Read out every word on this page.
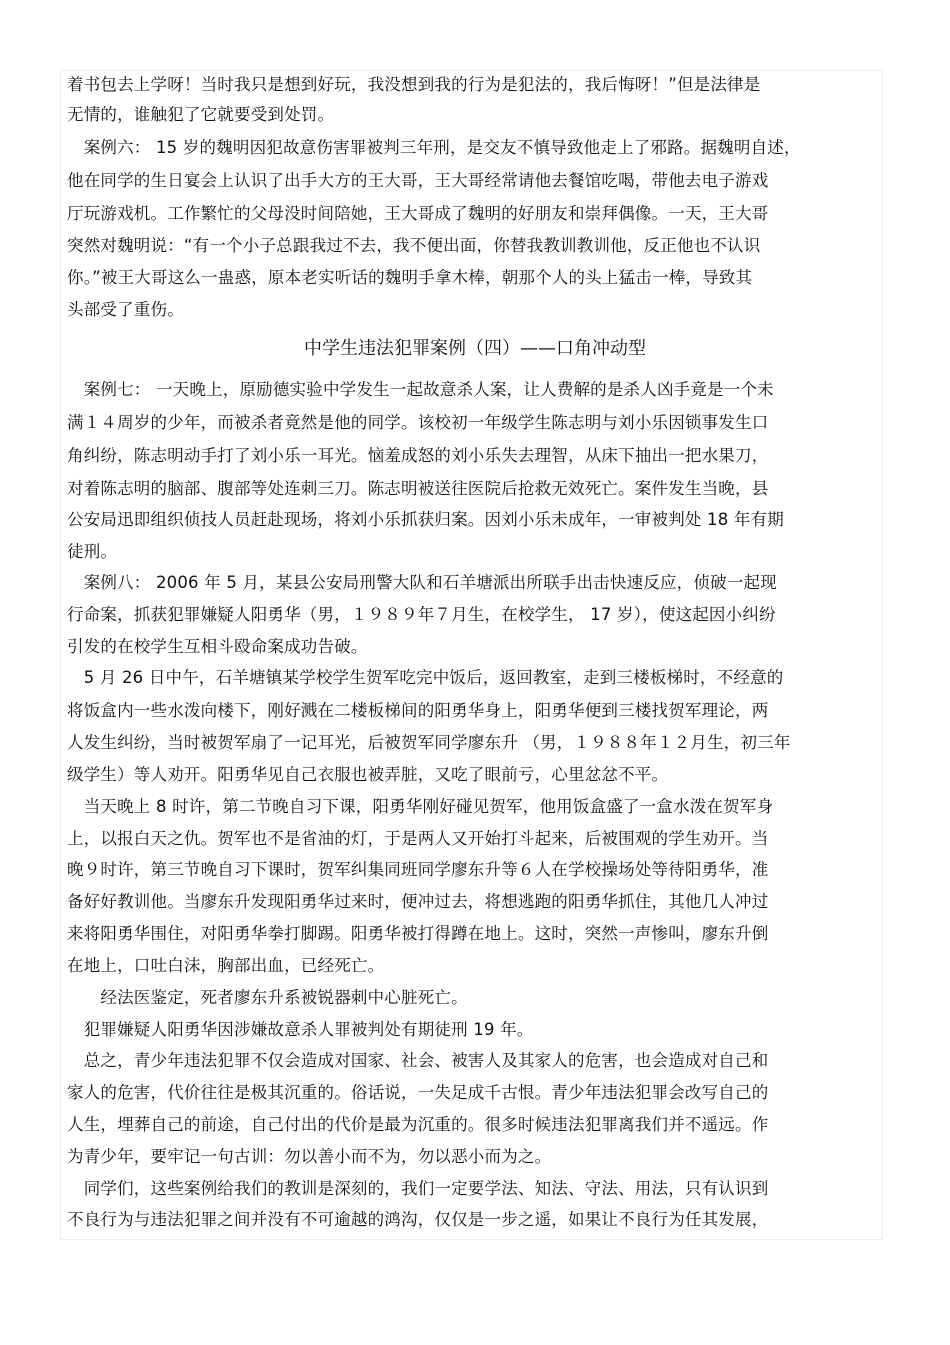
着书包去上学呀！当时我只是想到好玩，我没想到我的行为是犯法的，我后悔呀！”但是法律是
无情的，谁触犯了它就要受到处罚。
　案例六： 15 岁的魏明因犯故意伤害罪被判三年刑，是交友不慎导致他走上了邪路。据魏明自述，
他在同学的生日宴会上认识了出手大方的王大哥，王大哥经常请他去餐馆吃喝，带他去电子游戏
厅玩游戏机。工作繁忙的父母没时间陪她，王大哥成了魏明的好朋友和崇拜偶像。一天，王大哥
突然对魏明说：“有一个小子总跟我过不去，我不便出面，你替我教训教训他，反正他也不认识
你。”被王大哥这么一蛊惑，原本老实听话的魏明手拿木棒，朝那个人的头上猛击一棒，导致其
头部受了重伤。
中学生违法犯罪案例（四）——口角冲动型
　案例七： 一天晚上，原励德实验中学发生一起故意杀人案，让人费解的是杀人凶手竟是一个未
满１４周岁的少年，而被杀者竟然是他的同学。该校初一年级学生陈志明与刘小乐因锁事发生口
角纠纷，陈志明动手打了刘小乐一耳光。恼羞成怒的刘小乐失去理智，从床下抽出一把水果刀，
对着陈志明的脑部、腹部等处连刺三刀。陈志明被送往医院后抢救无效死亡。案件发生当晚，县
公安局迅即组织侦技人员赶赴现场，将刘小乐抓获归案。因刘小乐未成年，一审被判处 18 年有期
徒刑。
　案例八： 2006 年 5 月，某县公安局刑警大队和石羊塘派出所联手出击快速反应，侦破一起现
行命案，抓获犯罪嫌疑人阳勇华（男，１９８９年７月生，在校学生， 17 岁），使这起因小纠纷
引发的在校学生互相斗殴命案成功告破。
　5 月 26 日中午，石羊塘镇某学校学生贺军吃完中饭后，返回教室，走到三楼板梯时，不经意的
将饭盒内一些水泼向楼下，刚好溅在二楼板梯间的阳勇华身上，阳勇华便到三楼找贺军理论，两
人发生纠纷，当时被贺军扇了一记耳光，后被贺军同学廖东升 （男，１９８８年１２月生，初三年
级学生）等人劝开。阳勇华见自己衣服也被弄脏，又吃了眼前亏，心里忿忿不平。
　当天晚上 8 时许，第二节晚自习下课，阳勇华刚好碰见贺军，他用饭盒盛了一盒水泼在贺军身
上，以报白天之仇。贺军也不是省油的灯，于是两人又开始打斗起来，后被围观的学生劝开。当
晚９时许，第三节晚自习下课时，贺军纠集同班同学廖东升等６人在学校操场处等待阳勇华，准
备好好教训他。当廖东升发现阳勇华过来时，便冲过去，将想逃跑的阳勇华抓住，其他几人冲过
来将阳勇华围住，对阳勇华拳打脚踢。阳勇华被打得蹲在地上。这时，突然一声惨叫，廖东升倒
在地上，口吐白沫，胸部出血，已经死亡。
　　经法医鉴定，死者廖东升系被锐器刺中心脏死亡。
　犯罪嫌疑人阳勇华因涉嫌故意杀人罪被判处有期徒刑 19 年。
　总之，青少年违法犯罪不仅会造成对国家、社会、被害人及其家人的危害，也会造成对自己和
家人的危害，代价往往是极其沉重的。俗话说，一失足成千古恨。青少年违法犯罪会改写自己的
人生，埋葬自己的前途，自己付出的代价是最为沉重的。很多时候违法犯罪离我们并不遥远。作
为青少年，要牢记一句古训：勿以善小而不为，勿以恶小而为之。
　同学们，这些案例给我们的教训是深刻的，我们一定要学法、知法、守法、用法，只有认识到
不良行为与违法犯罪之间并没有不可逾越的鸿沟，仅仅是一步之遥，如果让不良行为任其发展，
